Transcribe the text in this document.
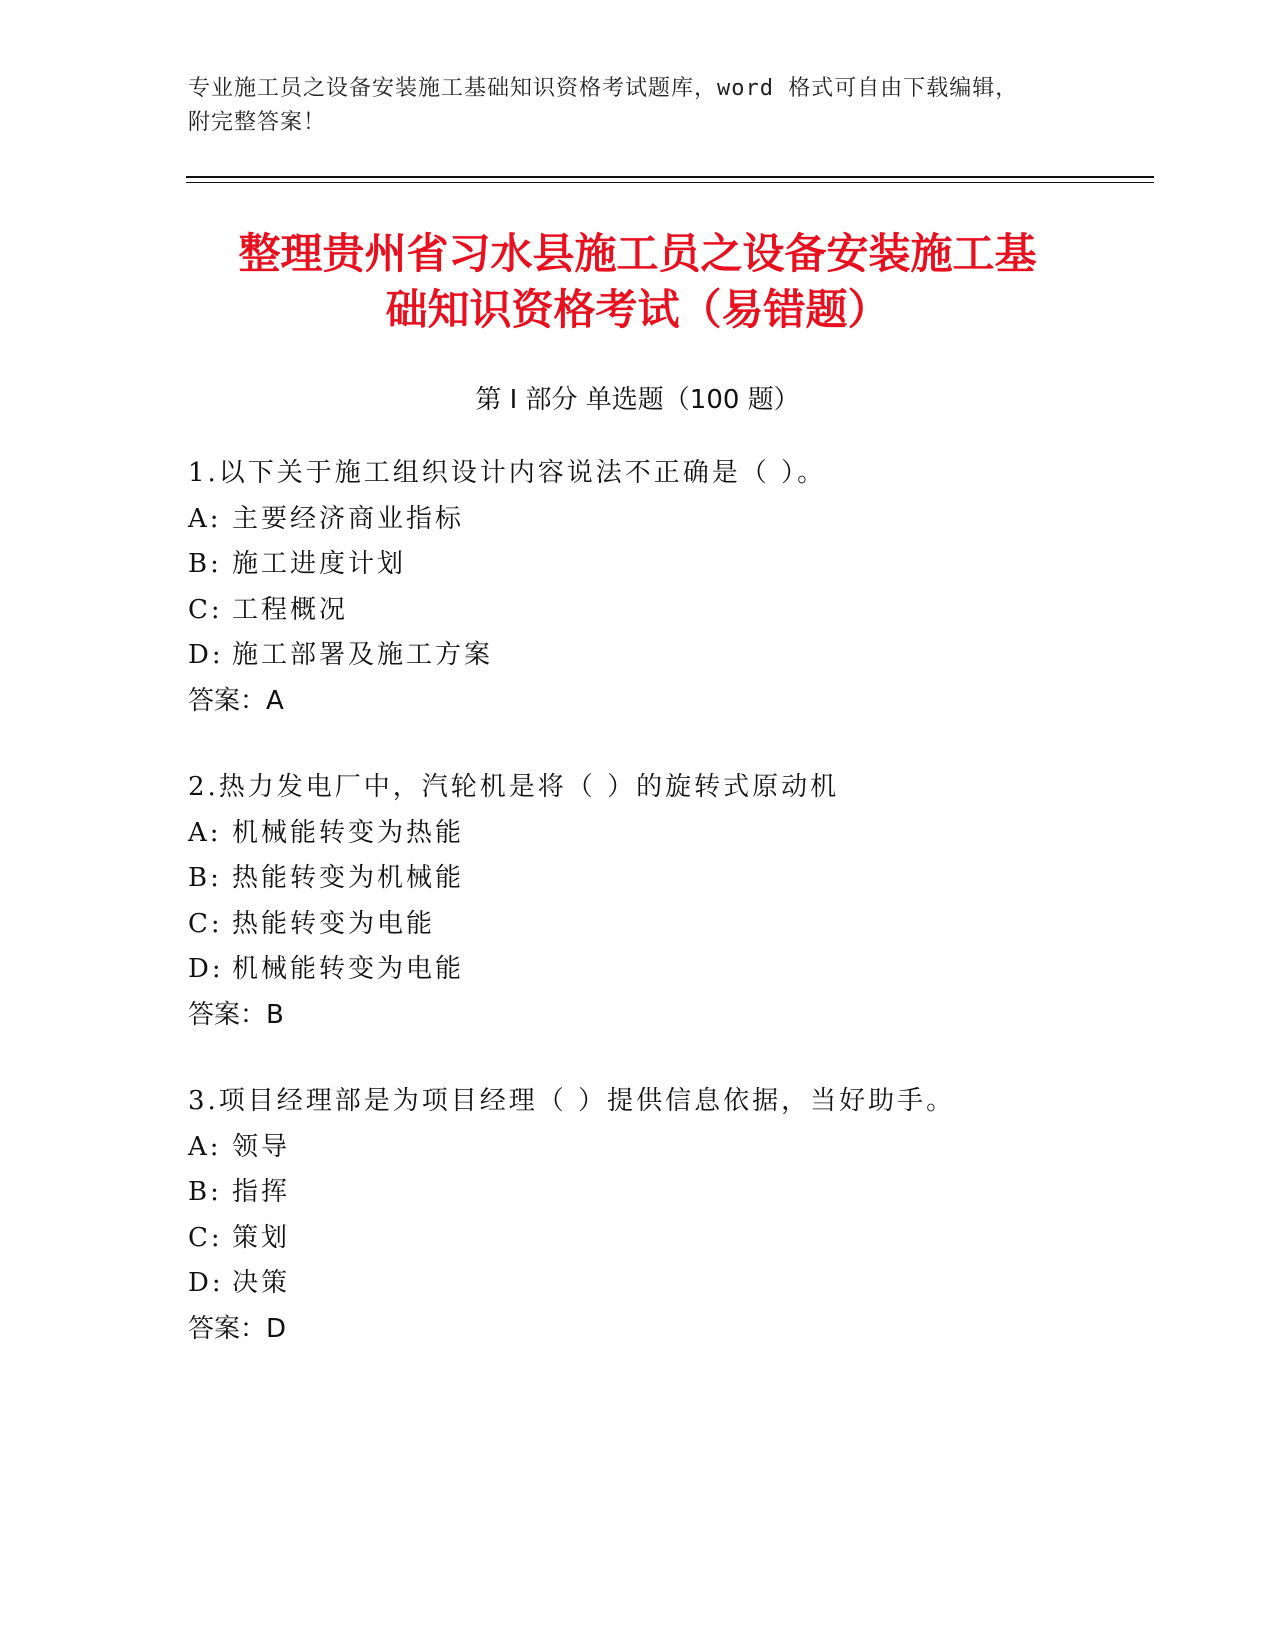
专业施工员之设备安装施工基础知识资格考试题库，word 格式可自由下载编辑，
附完整答案！
整理贵州省习水县施工员之设备安装施工基
础知识资格考试（易错题）
第 I 部分 单选题（100 题）
1.以下关于施工组织设计内容说法不正确是（ ）。
A: 主要经济商业指标
B: 施工进度计划
C: 工程概况
D: 施工部署及施工方案
答案：A
2.热力发电厂中，汽轮机是将（ ）的旋转式原动机
A: 机械能转变为热能
B: 热能转变为机械能
C: 热能转变为电能
D: 机械能转变为电能
答案：B
3.项目经理部是为项目经理（ ）提供信息依据，当好助手。
A: 领导
B: 指挥
C: 策划
D: 决策
答案：D
